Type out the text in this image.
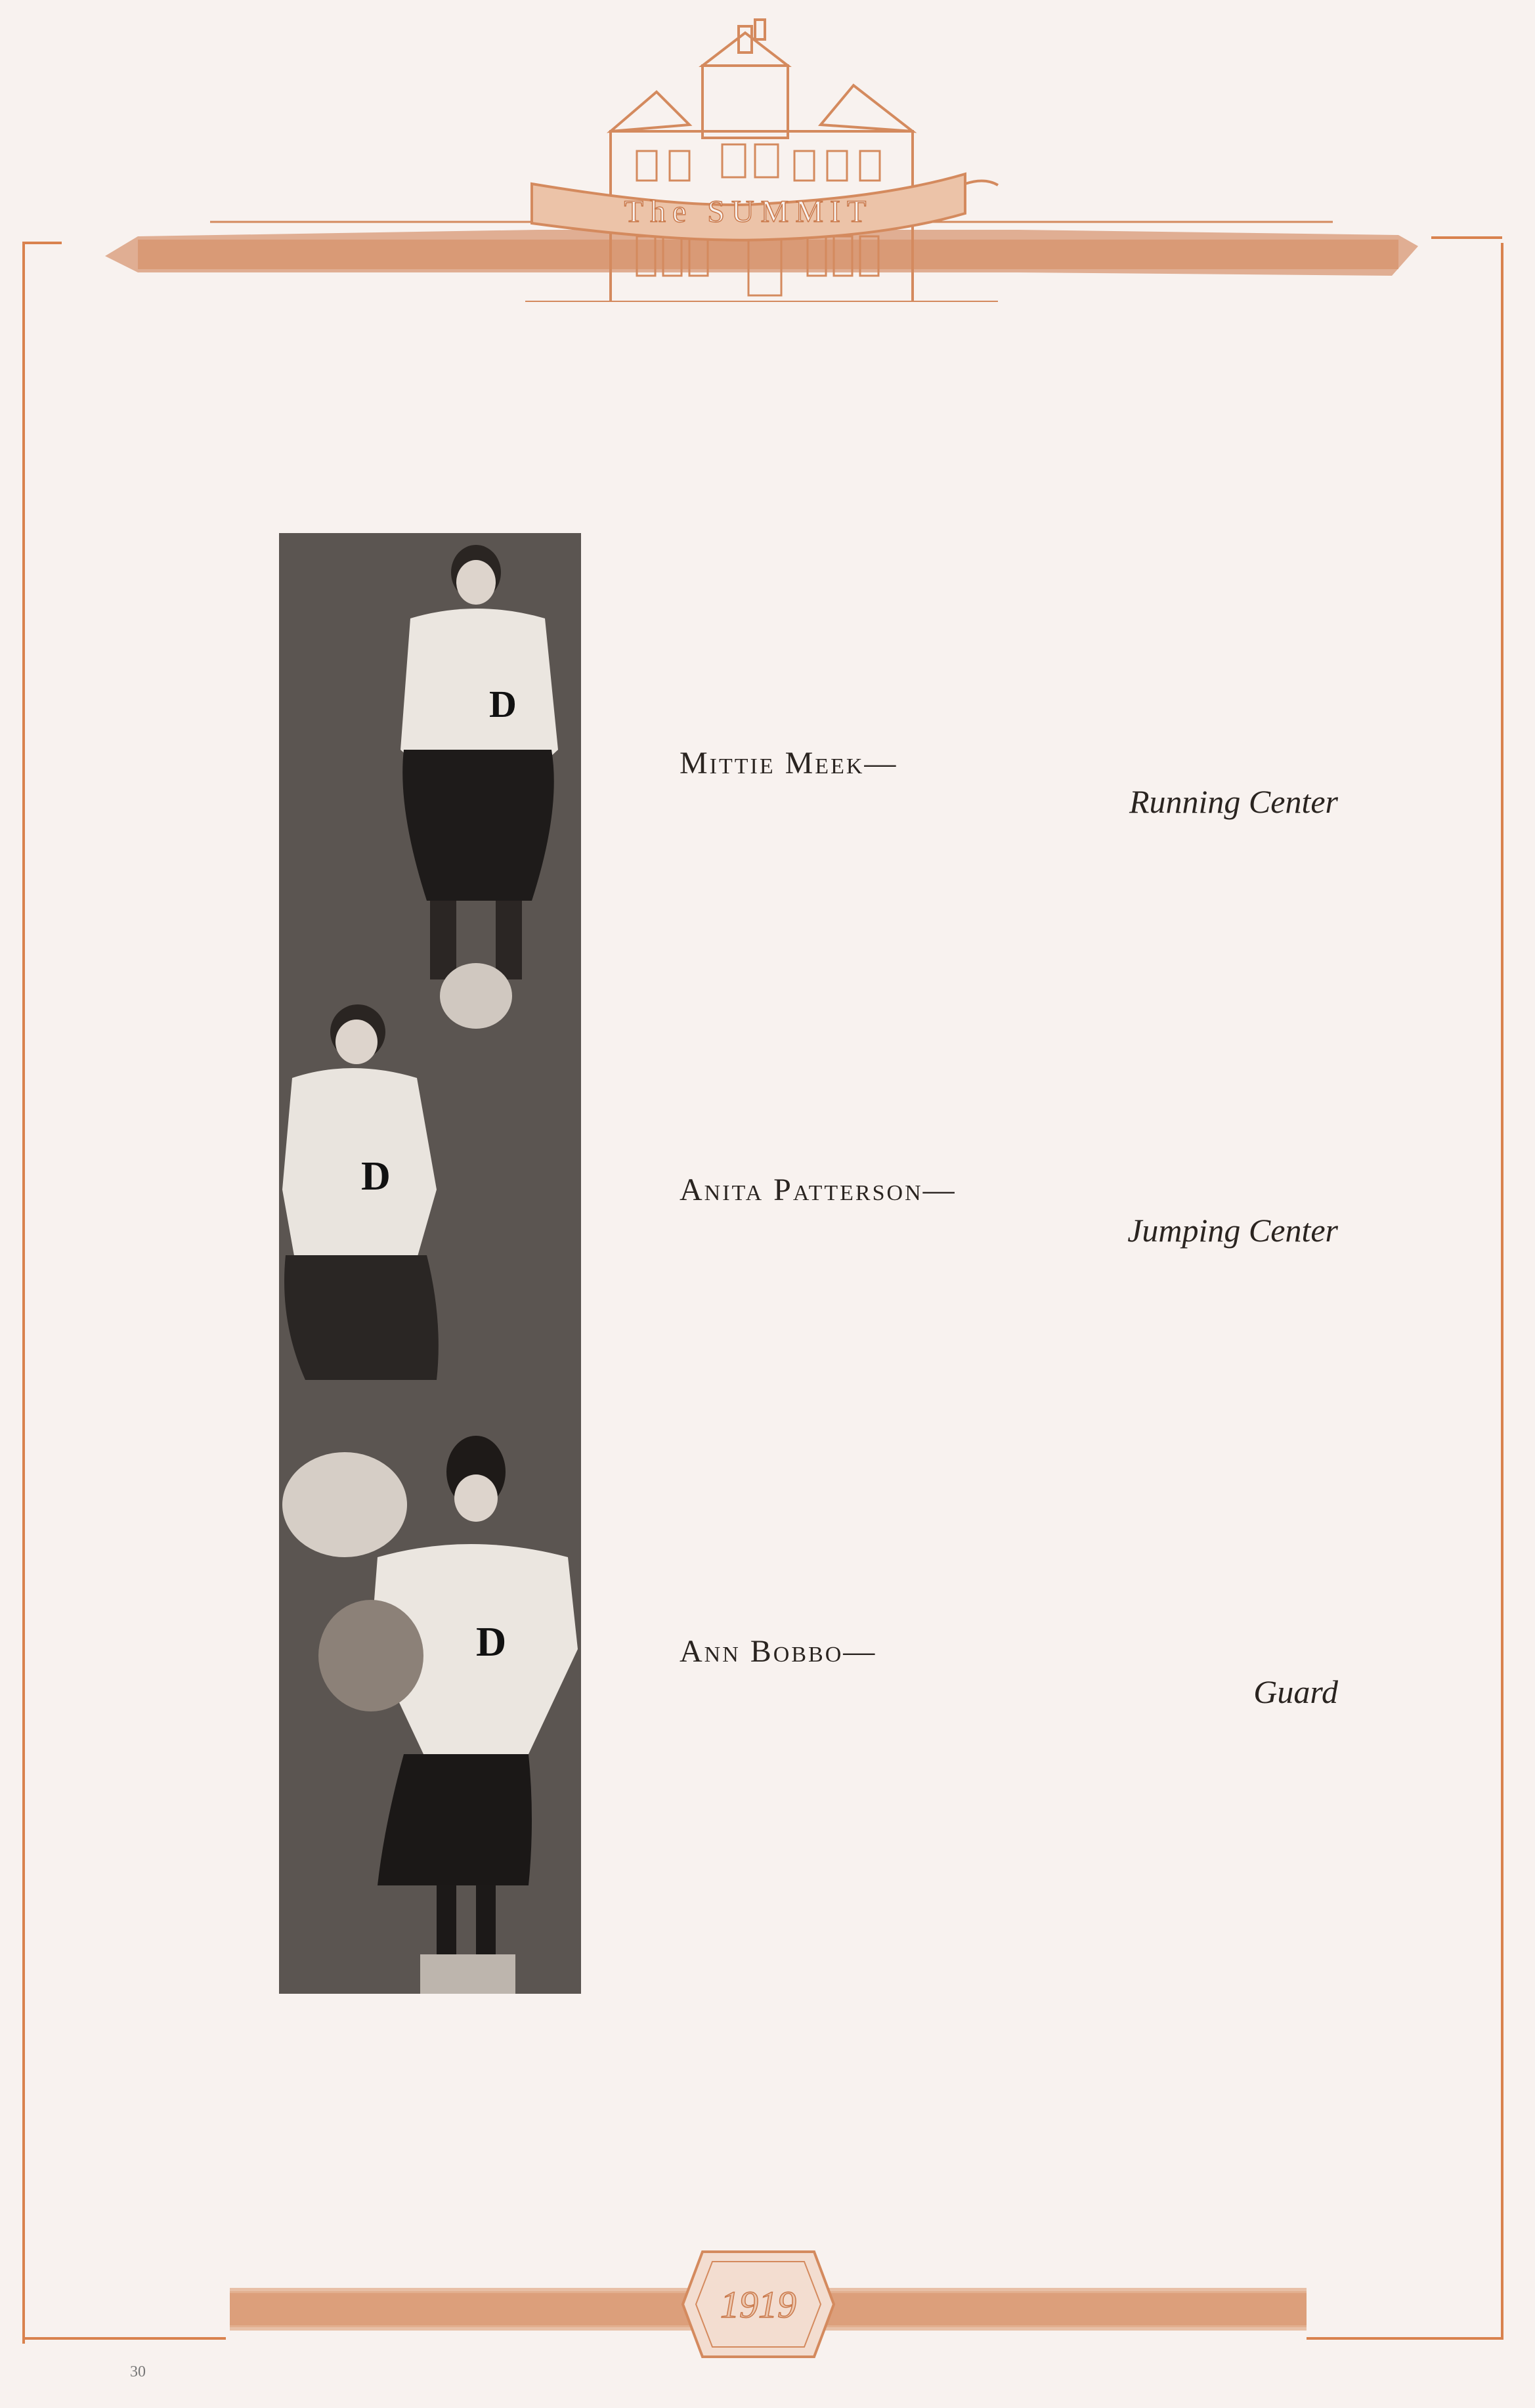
The SUMMIT
D
D
D
Mittie Meek—
Running Center
Anita Patterson—
Jumping Center
Ann Bobbo—
Guard
1919
30
